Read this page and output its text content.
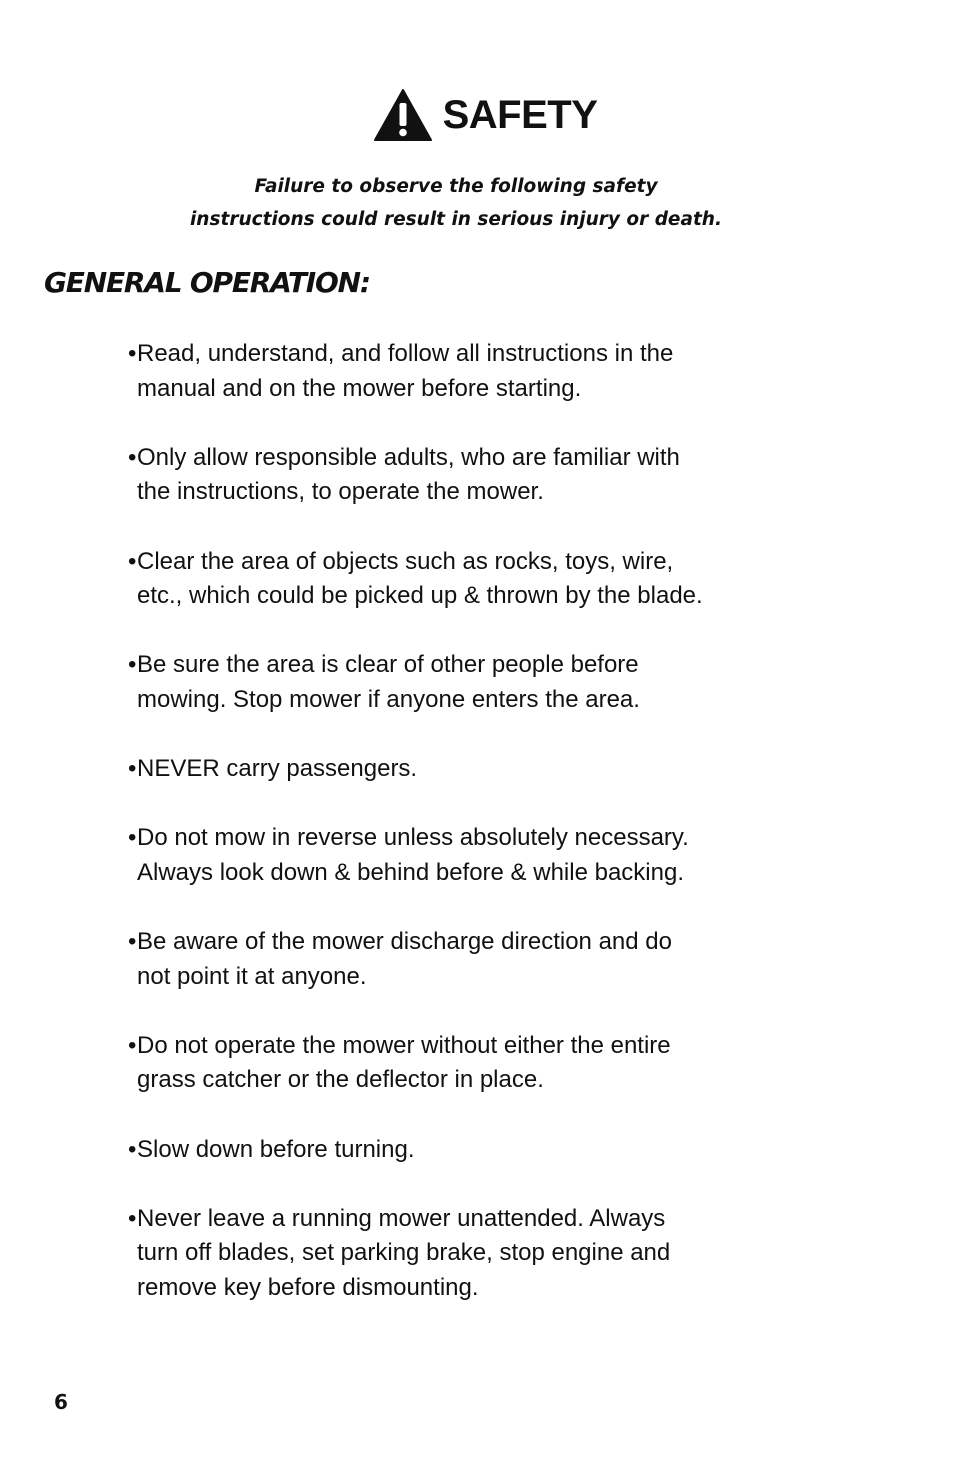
SAFETY
Failure to observe the following safety
instructions could result in serious injury or death.
GENERAL OPERATION:
• Read, understand, and follow all instructions in the
manual and on the mower before starting.
• Only allow responsible adults, who are familiar with
the instructions, to operate the mower.
• Clear the area of objects such as rocks, toys, wire,
etc., which could be picked up & thrown by the blade.
• Be sure the area is clear of other people before
mowing. Stop mower if anyone enters the area.
• NEVER carry passengers.
• Do not mow in reverse unless absolutely necessary.
Always look down & behind before & while backing.
• Be aware of the mower discharge direction and do
not point it at anyone.
• Do not operate the mower without either the entire
grass catcher or the deflector in place.
• Slow down before turning.
• Never leave a running mower unattended. Always
turn off blades, set parking brake, stop engine and
remove key before dismounting.
6
